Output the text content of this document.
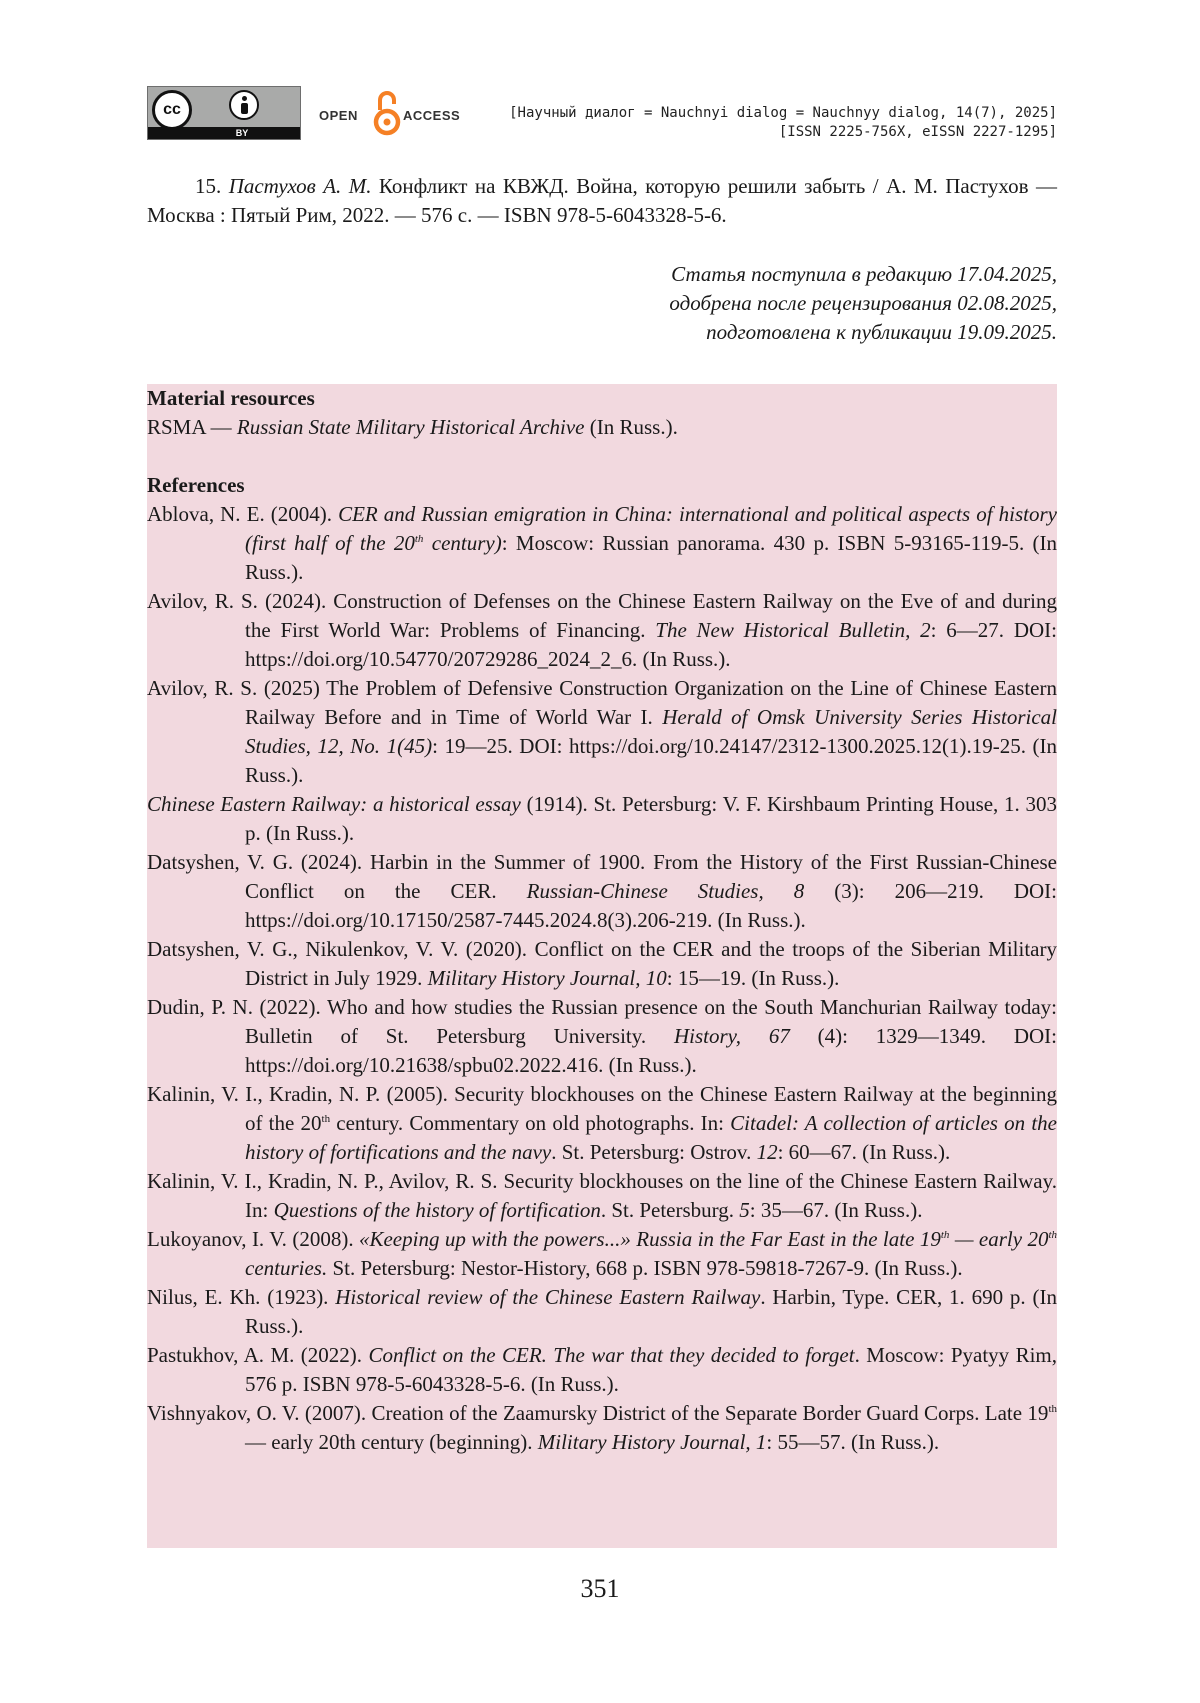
cc
BY
OPEN	ACCESS	[Научный диалог = Nauchnyi dialog = Nauchnyy dialog, 14(7), 2025]
[ISSN 2225-756X, eISSN 2227-1295]
15. Пастухов А. М. Конфликт на КВЖД. Война, которую решили забыть / А. М. Пастухов — Москва : Пятый Рим, 2022. — 576 с. — ISBN 978-5-6043328-5-6.
Статья поступила в редакцию 17.04.2025,
одобрена после рецензирования 02.08.2025,
подготовлена к публикации 19.09.2025.
Material resources
RSMA — Russian State Military Historical Archive (In Russ.).
References
Ablova, N. E. (2004). CER and Russian emigration in China: international and political aspects of history (first half of the 20th century): Moscow: Russian panorama. 430 p. ISBN 5-93165-119-5. (In Russ.).
Avilov, R. S. (2024). Construction of Defenses on the Chinese Eastern Railway on the Eve of and during the First World War: Problems of Financing. The New Historical Bulletin, 2: 6—27. DOI: https://doi.org/10.54770/20729286_2024_2_6. (In Russ.).
Avilov, R. S. (2025) The Problem of Defensive Construction Organization on the Line of Chinese Eastern Railway Before and in Time of World War I. Herald of Omsk University Series Historical Studies, 12, No. 1(45): 19—25. DOI: https://doi.org/10.24147/2312-1300.2025.12(1).19-25. (In Russ.).
Chinese Eastern Railway: a historical essay (1914). St. Petersburg: V. F. Kirshbaum Printing House, 1. 303 p. (In Russ.).
Datsyshen, V. G. (2024). Harbin in the Summer of 1900. From the History of the First Russian-Chinese Conflict on the CER. Russian-Chinese Studies, 8 (3): 206—219. DOI: https://doi.org/10.17150/2587-7445.2024.8(3).206-219. (In Russ.).
Datsyshen, V. G., Nikulenkov, V. V. (2020). Conflict on the CER and the troops of the Siberian Military District in July 1929. Military History Journal, 10: 15—19. (In Russ.).
Dudin, P. N. (2022). Who and how studies the Russian presence on the South Manchurian Railway today: Bulletin of St. Petersburg University. History, 67 (4): 1329—1349. DOI: https://doi.org/10.21638/spbu02.2022.416. (In Russ.).
Kalinin, V. I., Kradin, N. P. (2005). Security blockhouses on the Chinese Eastern Railway at the beginning of the 20th century. Commentary on old photographs. In: Citadel: A collection of articles on the history of fortifications and the navy. St. Petersburg: Ostrov. 12: 60—67. (In Russ.).
Kalinin, V. I., Kradin, N. P., Avilov, R. S. Security blockhouses on the line of the Chinese Eastern Railway. In: Questions of the history of fortification. St. Petersburg. 5: 35—67. (In Russ.).
Lukoyanov, I. V. (2008). «Keeping up with the powers...» Russia in the Far East in the late 19th — early 20th centuries. St. Petersburg: Nestor-History, 668 p. ISBN 978-59818-7267-9. (In Russ.).
Nilus, E. Kh. (1923). Historical review of the Chinese Eastern Railway. Harbin, Type. CER, 1. 690 p. (In Russ.).
Pastukhov, A. M. (2022). Conflict on the CER. The war that they decided to forget. Moscow: Pyatyy Rim, 576 p. ISBN 978-5-6043328-5-6. (In Russ.).
Vishnyakov, O. V. (2007). Creation of the Zaamursky District of the Separate Border Guard Corps. Late 19th — early 20th century (beginning). Military History Journal, 1: 55—57. (In Russ.).
351
